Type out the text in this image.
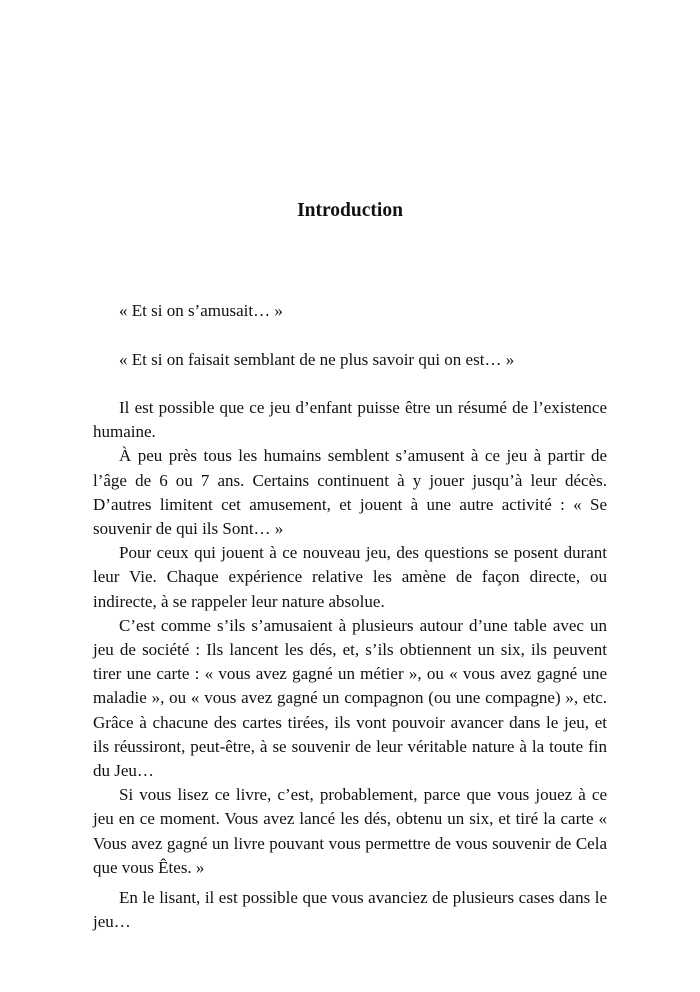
Introduction

« Et si on s’amusait… »

« Et si on faisait semblant de ne plus savoir qui on est… »

Il est possible que ce jeu d’enfant puisse être un résumé de l’existence humaine.

À peu près tous les humains semblent s’amusent à ce jeu à partir de l’âge de 6 ou 7 ans. Certains continuent à y jouer jusqu’à leur décès. D’autres limitent cet amusement, et jouent à une autre activité : « Se souvenir de qui ils Sont… »

Pour ceux qui jouent à ce nouveau jeu, des questions se posent durant leur Vie. Chaque expérience relative les amène de façon directe, ou indirecte, à se rappeler leur nature absolue.

C’est comme s’ils s’amusaient à plusieurs autour d’une table avec un jeu de société : Ils lancent les dés, et, s’ils obtiennent un six, ils peuvent tirer une carte : « vous avez gagné un métier », ou « vous avez gagné une maladie », ou « vous avez gagné un compagnon (ou une compagne) », etc. Grâce à chacune des cartes tirées, ils vont pouvoir avancer dans le jeu, et ils réussiront, peut-être, à se souvenir de leur véritable nature à la toute fin du Jeu…

Si vous lisez ce livre, c’est, probablement, parce que vous jouez à ce jeu en ce moment. Vous avez lancé les dés, obtenu un six, et tiré la carte « Vous avez gagné un livre pouvant vous permettre de vous souvenir de Cela que vous Êtes. »

En le lisant, il est possible que vous avanciez de plusieurs cases dans le jeu…
